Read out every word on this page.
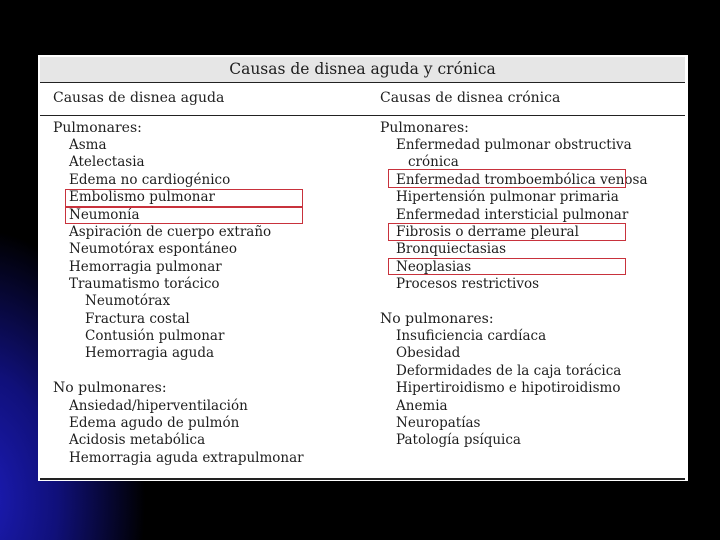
Causas de disnea aguda y crónica
Causas de disnea aguda	Causas de disnea crónica
Pulmonares:
Asma
Atelectasia
Edema no cardiogénico
Embolismo pulmonar
Neumonía
Aspiración de cuerpo extraño
Neumotórax espontáneo
Hemorragia pulmonar
Traumatismo torácico
Neumotórax
Fractura costal
Contusión pulmonar
Hemorragia aguda
No pulmonares:
Ansiedad/hiperventilación
Edema agudo de pulmón
Acidosis metabólica
Hemorragia aguda extrapulmonar
Pulmonares:
Enfermedad pulmonar obstructiva
crónica
Enfermedad tromboembólica venosa
Hipertensión pulmonar primaria
Enfermedad intersticial pulmonar
Fibrosis o derrame pleural
Bronquiectasias
Neoplasias
Procesos restrictivos
No pulmonares:
Insuficiencia cardíaca
Obesidad
Deformidades de la caja torácica
Hipertiroidismo e hipotiroidismo
Anemia
Neuropatías
Patología psíquica
